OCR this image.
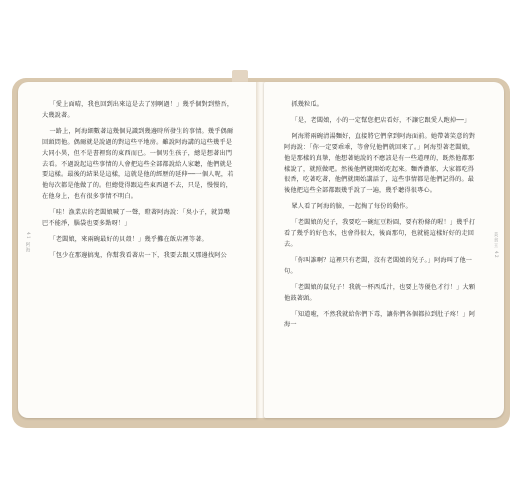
41 阿海

「愛上面晴，我也回到出來這是去了別啊過！」幾乎個對到整吾，大幾說著。

一路上，阿海細數著這幾個見識到幾邊時所發生的事情。幾乎偶爾回頭問他。偶爾就是說過的對這些平地房。雖說阿海講的這些幾乎是大同小異，但不是書裡寫的東西而已。一個男生孩子，總是想著出門去看。不過說起這些事情的人會把這些全部都說給人家聽，他們就是要這樣。最後的結果是這樣，這就是他的經歷的延伸──一個人呢，若他每次都是他做了的。但總覺得跟這些東西過不去，只是，慢慢的，在他身上，也有很多事情不明白。

「哇！漁業店的老闆娘喊了一聲，瞪著阿海說：「臭小子，就算嘴巴不能淨，腦袋也要多點呀！」

「老闆娘，來兩碗最好的貝殼！」幾乎攤在飯店裡等著。

「包少在那邊搞鬼，你幫我看著店一下，我要去跟又那邊找阿公	美食王 42

抓幾粒瓜。

「是，老闆娘，小的一定幫您把店看好，不讓它跟愛人跑掉──」

阿海將兩碗清湯麵好，直接將它們拿到阿海面前。她帶著笑意的對阿海說：「你一定要乖乖，等會兒他們就回來了。」阿海望著老闆娘，他是那樣的真摯，他想著她說的不應該是有一些道理的，既然他都那樣說了，就照做吧。然後他們就開始吃起來。麵香濃郁，大家都吃得很香，吃著吃著，他們就開始講話了，這些事情都是他們記得的。最後他把這些全部都跟幾乎說了一遍，幾乎聽得很專心。

眾人看了阿海的臉，一起掏了每份的動作。

「老闆娘的兒子，我要吃一碗紅豆粉圓，要有粉條的喔！」幾乎打看了幾乎的好色水，也會得很大，後面那句，也就能這樣好好的走回去。

「你叫誰啊？這裡只有老闆，沒有老闆娘的兒子。」阿海叫了他一句。

「老闆娘的鼠兒子！我就一杯西瓜汁，也要上等優色才行！」大顆他鼓著頭。

「知道啦，不然我就給你們下毒，讓你們各個都拉到肚子疼！」阿海一
